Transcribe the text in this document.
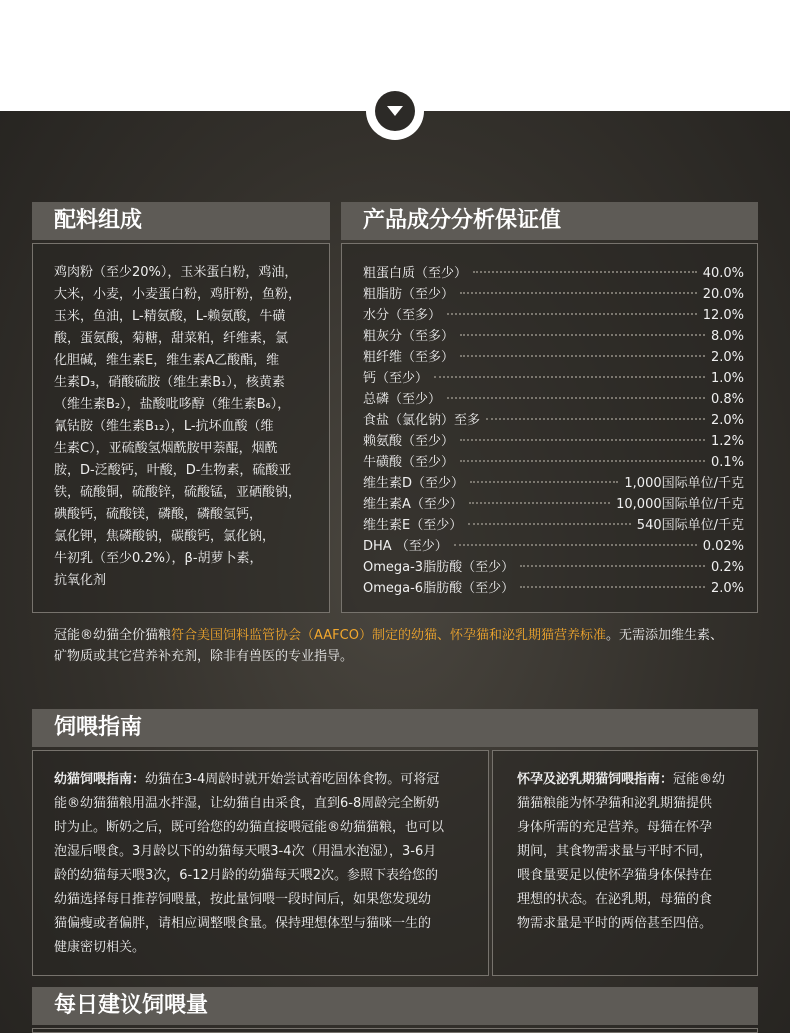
配料组成	产品成分分析保证值

鸡肉粉（至少20%），玉米蛋白粉，鸡油，
大米，小麦，小麦蛋白粉，鸡肝粉，鱼粉，
玉米，鱼油，L-精氨酸，L-赖氨酸，牛磺
酸，蛋氨酸，菊糖，甜菜粕，纤维素，氯
化胆碱，维生素E，维生素A乙酸酯，维
生素D₃，硝酸硫胺（维生素B₁），核黄素
（维生素B₂），盐酸吡哆醇（维生素B₆），
氰钴胺（维生素B₁₂），L-抗坏血酸（维
生素C），亚硫酸氢烟酰胺甲萘醌，烟酰
胺，D-泛酸钙，叶酸，D-生物素，硫酸亚
铁，硫酸铜，硫酸锌，硫酸锰，亚硒酸钠，
碘酸钙，硫酸镁，磷酸，磷酸氢钙，
氯化钾，焦磷酸钠，碳酸钙，氯化钠，
牛初乳（至少0.2%），β-胡萝卜素，
抗氧化剂

粗蛋白质（至少）	40.0%
粗脂肪（至少）	20.0%
水分（至多）	12.0%
粗灰分（至多）	8.0%
粗纤维（至多）	2.0%
钙（至少）	1.0%
总磷（至少）	0.8%
食盐（氯化钠）至多	2.0%
赖氨酸（至少）	1.2%
牛磺酸（至少）	0.1%
维生素D（至少）	1,000国际单位/千克
维生素A（至少）	10,000国际单位/千克
维生素E（至少）	540国际单位/千克
DHA （至少）	0.02%
Omega-3脂肪酸（至少）	0.2%
Omega-6脂肪酸（至少）	2.0%

冠能®幼猫全价猫粮符合美国饲料监管协会（AAFCO）制定的幼猫、怀孕猫和泌乳期猫营养标准。无需添加维生素、
矿物质或其它营养补充剂，除非有兽医的专业指导。

饲喂指南

幼猫饲喂指南：幼猫在3-4周龄时就开始尝试着吃固体食物。可将冠
能®幼猫猫粮用温水拌湿，让幼猫自由采食，直到6-8周龄完全断奶
时为止。断奶之后，既可给您的幼猫直接喂冠能®幼猫猫粮，也可以
泡湿后喂食。3月龄以下的幼猫每天喂3-4次（用温水泡湿），3-6月
龄的幼猫每天喂3次，6-12月龄的幼猫每天喂2次。参照下表给您的
幼猫选择每日推荐饲喂量，按此量饲喂一段时间后，如果您发现幼
猫偏瘦或者偏胖，请相应调整喂食量。保持理想体型与猫咪一生的
健康密切相关。

怀孕及泌乳期猫饲喂指南：冠能®幼
猫猫粮能为怀孕猫和泌乳期猫提供
身体所需的充足营养。母猫在怀孕
期间，其食物需求量与平时不同，
喂食量要足以使怀孕猫身体保持在
理想的状态。在泌乳期，母猫的食
物需求量是平时的两倍甚至四倍。

每日建议饲喂量
